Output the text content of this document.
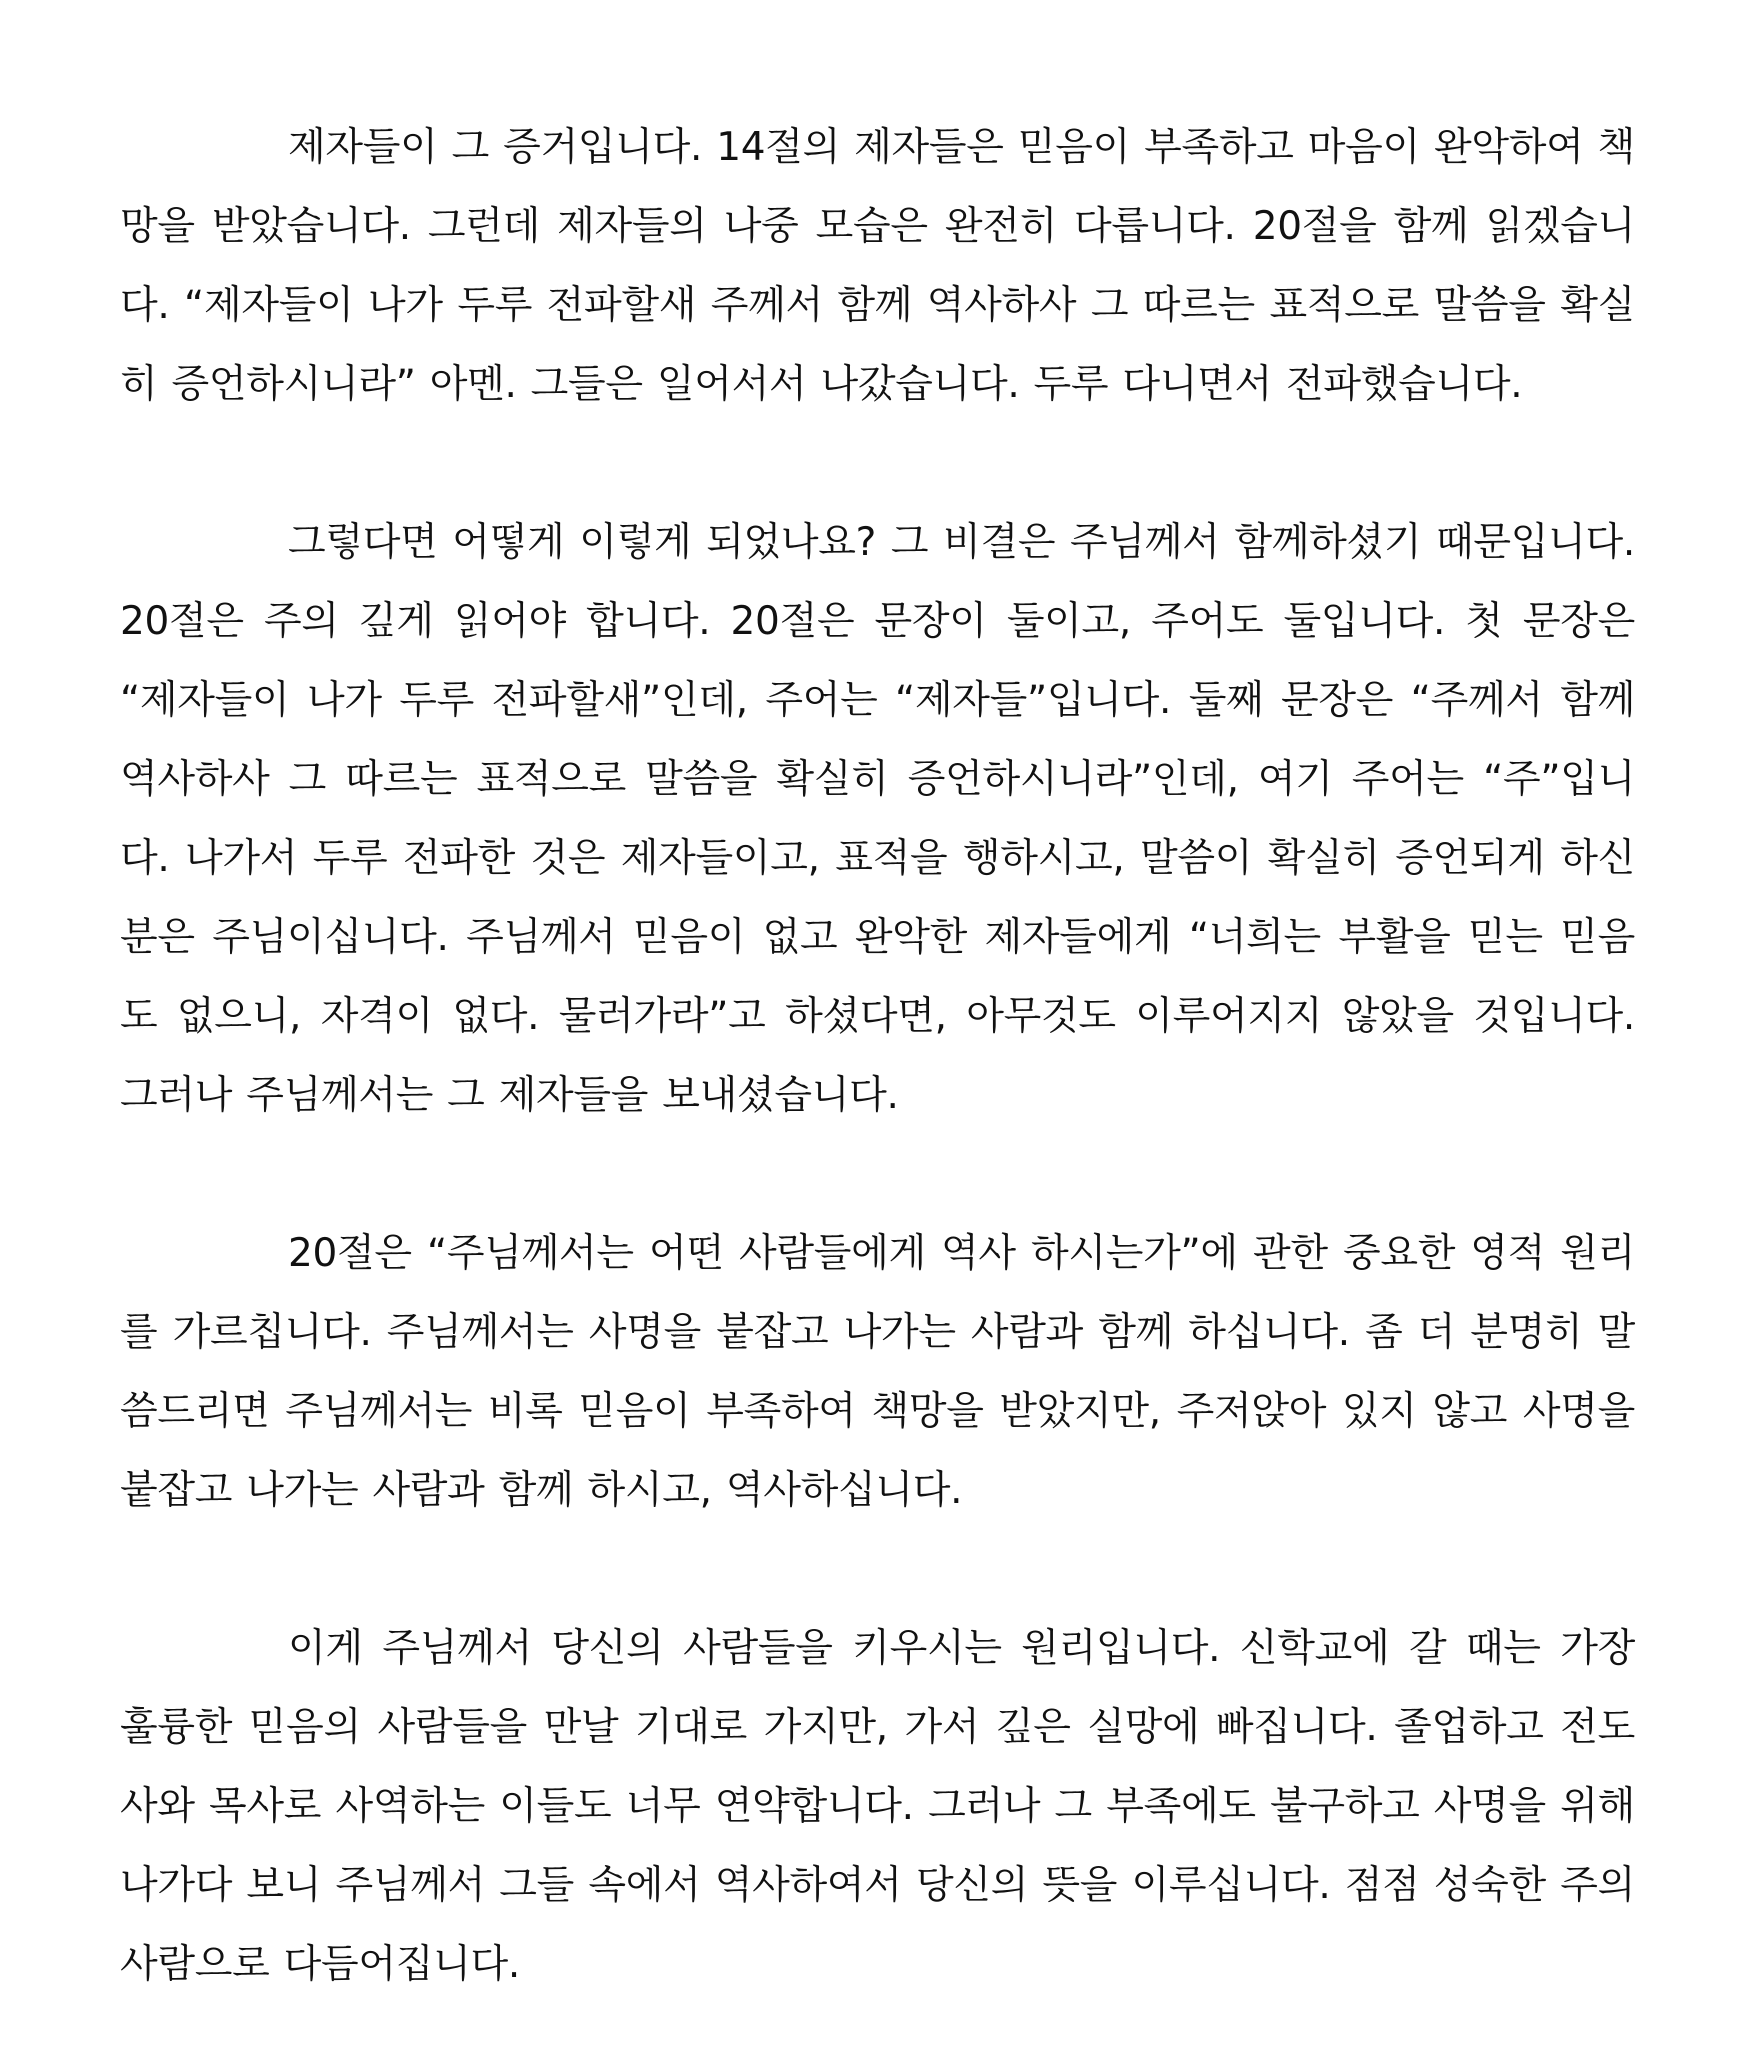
제자들이 그 증거입니다. 14절의 제자들은 믿음이 부족하고 마음이 완악하여 책망을 받았습니다. 그런데 제자들의 나중 모습은 완전히 다릅니다. 20절을 함께 읽겠습니다. “제자들이 나가 두루 전파할새 주께서 함께 역사하사 그 따르는 표적으로 말씀을 확실히 증언하시니라” 아멘. 그들은 일어서서 나갔습니다. 두루 다니면서 전파했습니다.

그렇다면 어떻게 이렇게 되었나요? 그 비결은 주님께서 함께하셨기 때문입니다. 20절은 주의 깊게 읽어야 합니다. 20절은 문장이 둘이고, 주어도 둘입니다. 첫 문장은 “제자들이 나가 두루 전파할새”인데, 주어는 “제자들”입니다. 둘째 문장은 “주께서 함께 역사하사 그 따르는 표적으로 말씀을 확실히 증언하시니라”인데, 여기 주어는 “주”입니다. 나가서 두루 전파한 것은 제자들이고, 표적을 행하시고, 말씀이 확실히 증언되게 하신 분은 주님이십니다. 주님께서 믿음이 없고 완악한 제자들에게 “너희는 부활을 믿는 믿음도 없으니, 자격이 없다. 물러가라”고 하셨다면, 아무것도 이루어지지 않았을 것입니다. 그러나 주님께서는 그 제자들을 보내셨습니다.

20절은 “주님께서는 어떤 사람들에게 역사 하시는가”에 관한 중요한 영적 원리를 가르칩니다. 주님께서는 사명을 붙잡고 나가는 사람과 함께 하십니다. 좀 더 분명히 말씀드리면 주님께서는 비록 믿음이 부족하여 책망을 받았지만, 주저앉아 있지 않고 사명을 붙잡고 나가는 사람과 함께 하시고, 역사하십니다.

이게 주님께서 당신의 사람들을 키우시는 원리입니다. 신학교에 갈 때는 가장 훌륭한 믿음의 사람들을 만날 기대로 가지만, 가서 깊은 실망에 빠집니다. 졸업하고 전도사와 목사로 사역하는 이들도 너무 연약합니다. 그러나 그 부족에도 불구하고 사명을 위해 나가다 보니 주님께서 그들 속에서 역사하여서 당신의 뜻을 이루십니다. 점점 성숙한 주의 사람으로 다듬어집니다.
